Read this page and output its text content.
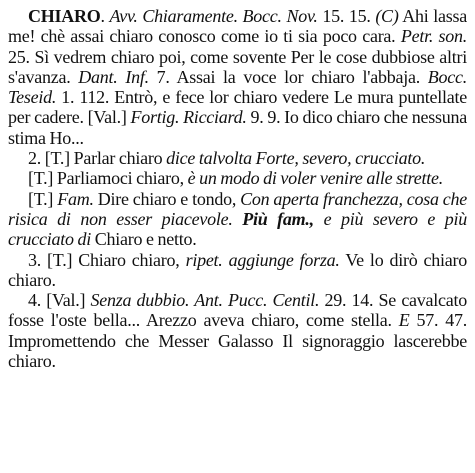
CHIARO. Avv. Chiaramente. Bocc. Nov. 15. 15. (C) Ahi lassa me! chè assai chiaro conosco come io ti sia poco cara. Petr. son. 25. Sì vedrem chiaro poi, come sovente Per le cose dubbiose altri s'avanza. Dant. Inf. 7. Assai la voce lor chiaro l'abbaja. Bocc. Teseid. 1. 112. Entrò, e fece lor chiaro vedere Le mura puntellate per cadere. [Val.] Fortig. Ricciard. 9. 9. Io dico chiaro che nessuna stima Ho...

2. [T.] Parlar chiaro dice talvolta Forte, severo, crucciato.

[T.] Parliamoci chiaro, è un modo di voler venire alle strette.

[T.] Fam. Dire chiaro e tondo, Con aperta franchezza, cosa che risica di non esser piacevole. Più fam., e più severo e più crucciato di Chiaro e netto.

3. [T.] Chiaro chiaro, ripet. aggiunge forza. Ve lo dirò chiaro chiaro.

4. [Val.] Senza dubbio. Ant. Pucc. Centil. 29. 14. Se cavalcato fosse l'oste bella... Arezzo aveva chiaro, come stella. E 57. 47. Impromettendo che Messer Galasso Il signoraggio lascerebbe chiaro.
